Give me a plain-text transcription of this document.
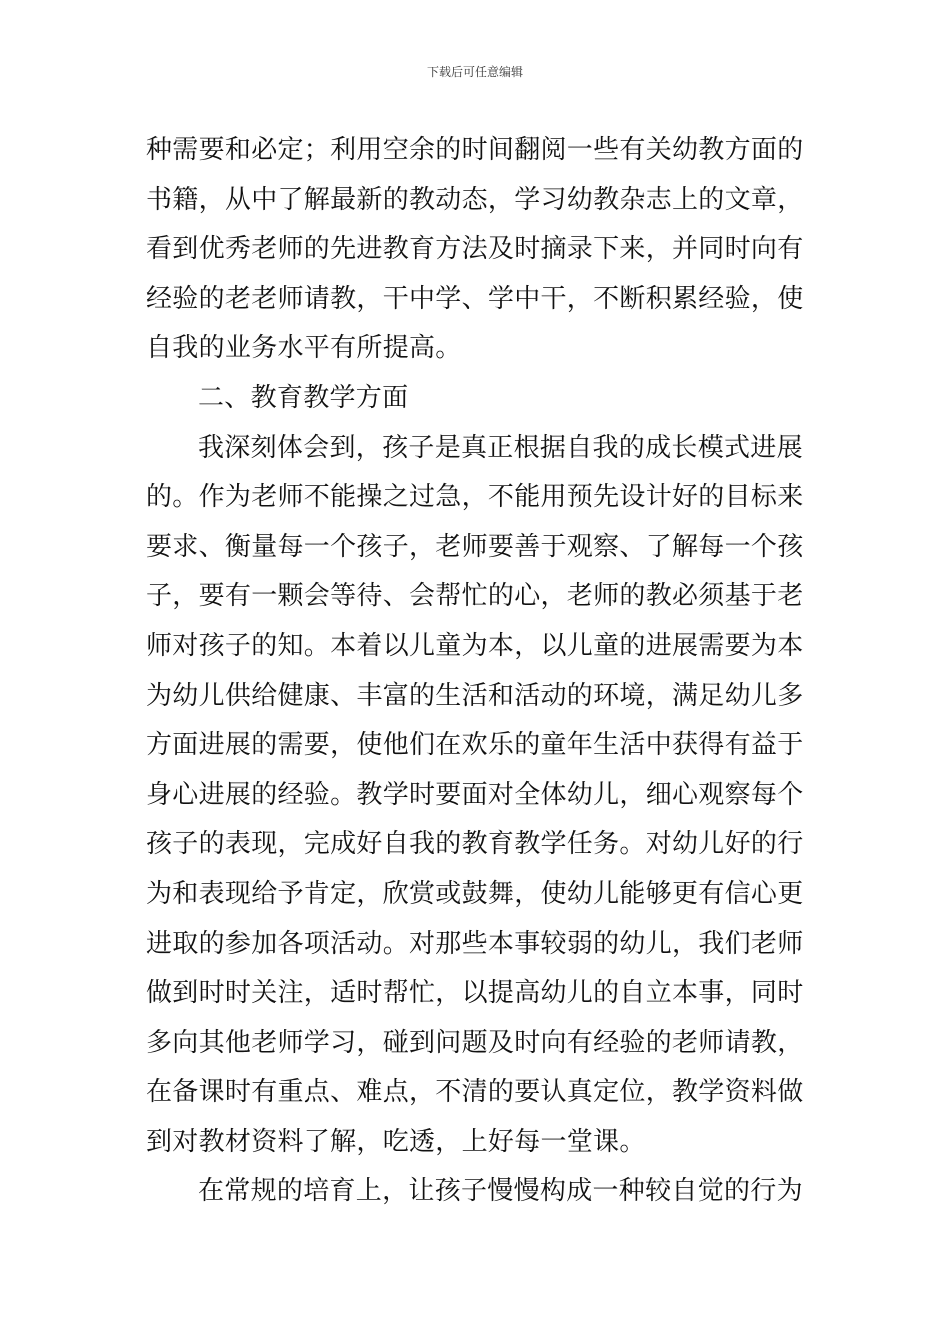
下载后可任意编辑
种需要和必定；利用空余的时间翻阅一些有关幼教方面的
书籍，从中了解最新的教动态，学习幼教杂志上的文章，
看到优秀老师的先进教育方法及时摘录下来，并同时向有
经验的老老师请教，干中学、学中干，不断积累经验，使
自我的业务水平有所提高。
二、教育教学方面
我深刻体会到，孩子是真正根据自我的成长模式进展
的。作为老师不能操之过急，不能用预先设计好的目标来
要求、衡量每一个孩子，老师要善于观察、了解每一个孩
子，要有一颗会等待、会帮忙的心，老师的教必须基于老
师对孩子的知。本着以儿童为本，以儿童的进展需要为本
为幼儿供给健康、丰富的生活和活动的环境，满足幼儿多
方面进展的需要，使他们在欢乐的童年生活中获得有益于
身心进展的经验。教学时要面对全体幼儿，细心观察每个
孩子的表现，完成好自我的教育教学任务。对幼儿好的行
为和表现给予肯定，欣赏或鼓舞，使幼儿能够更有信心更
进取的参加各项活动。对那些本事较弱的幼儿，我们老师
做到时时关注，适时帮忙，以提高幼儿的自立本事，同时
多向其他老师学习，碰到问题及时向有经验的老师请教，
在备课时有重点、难点，不清的要认真定位，教学资料做
到对教材资料了解，吃透，上好每一堂课。
在常规的培育上，让孩子慢慢构成一种较自觉的行为
